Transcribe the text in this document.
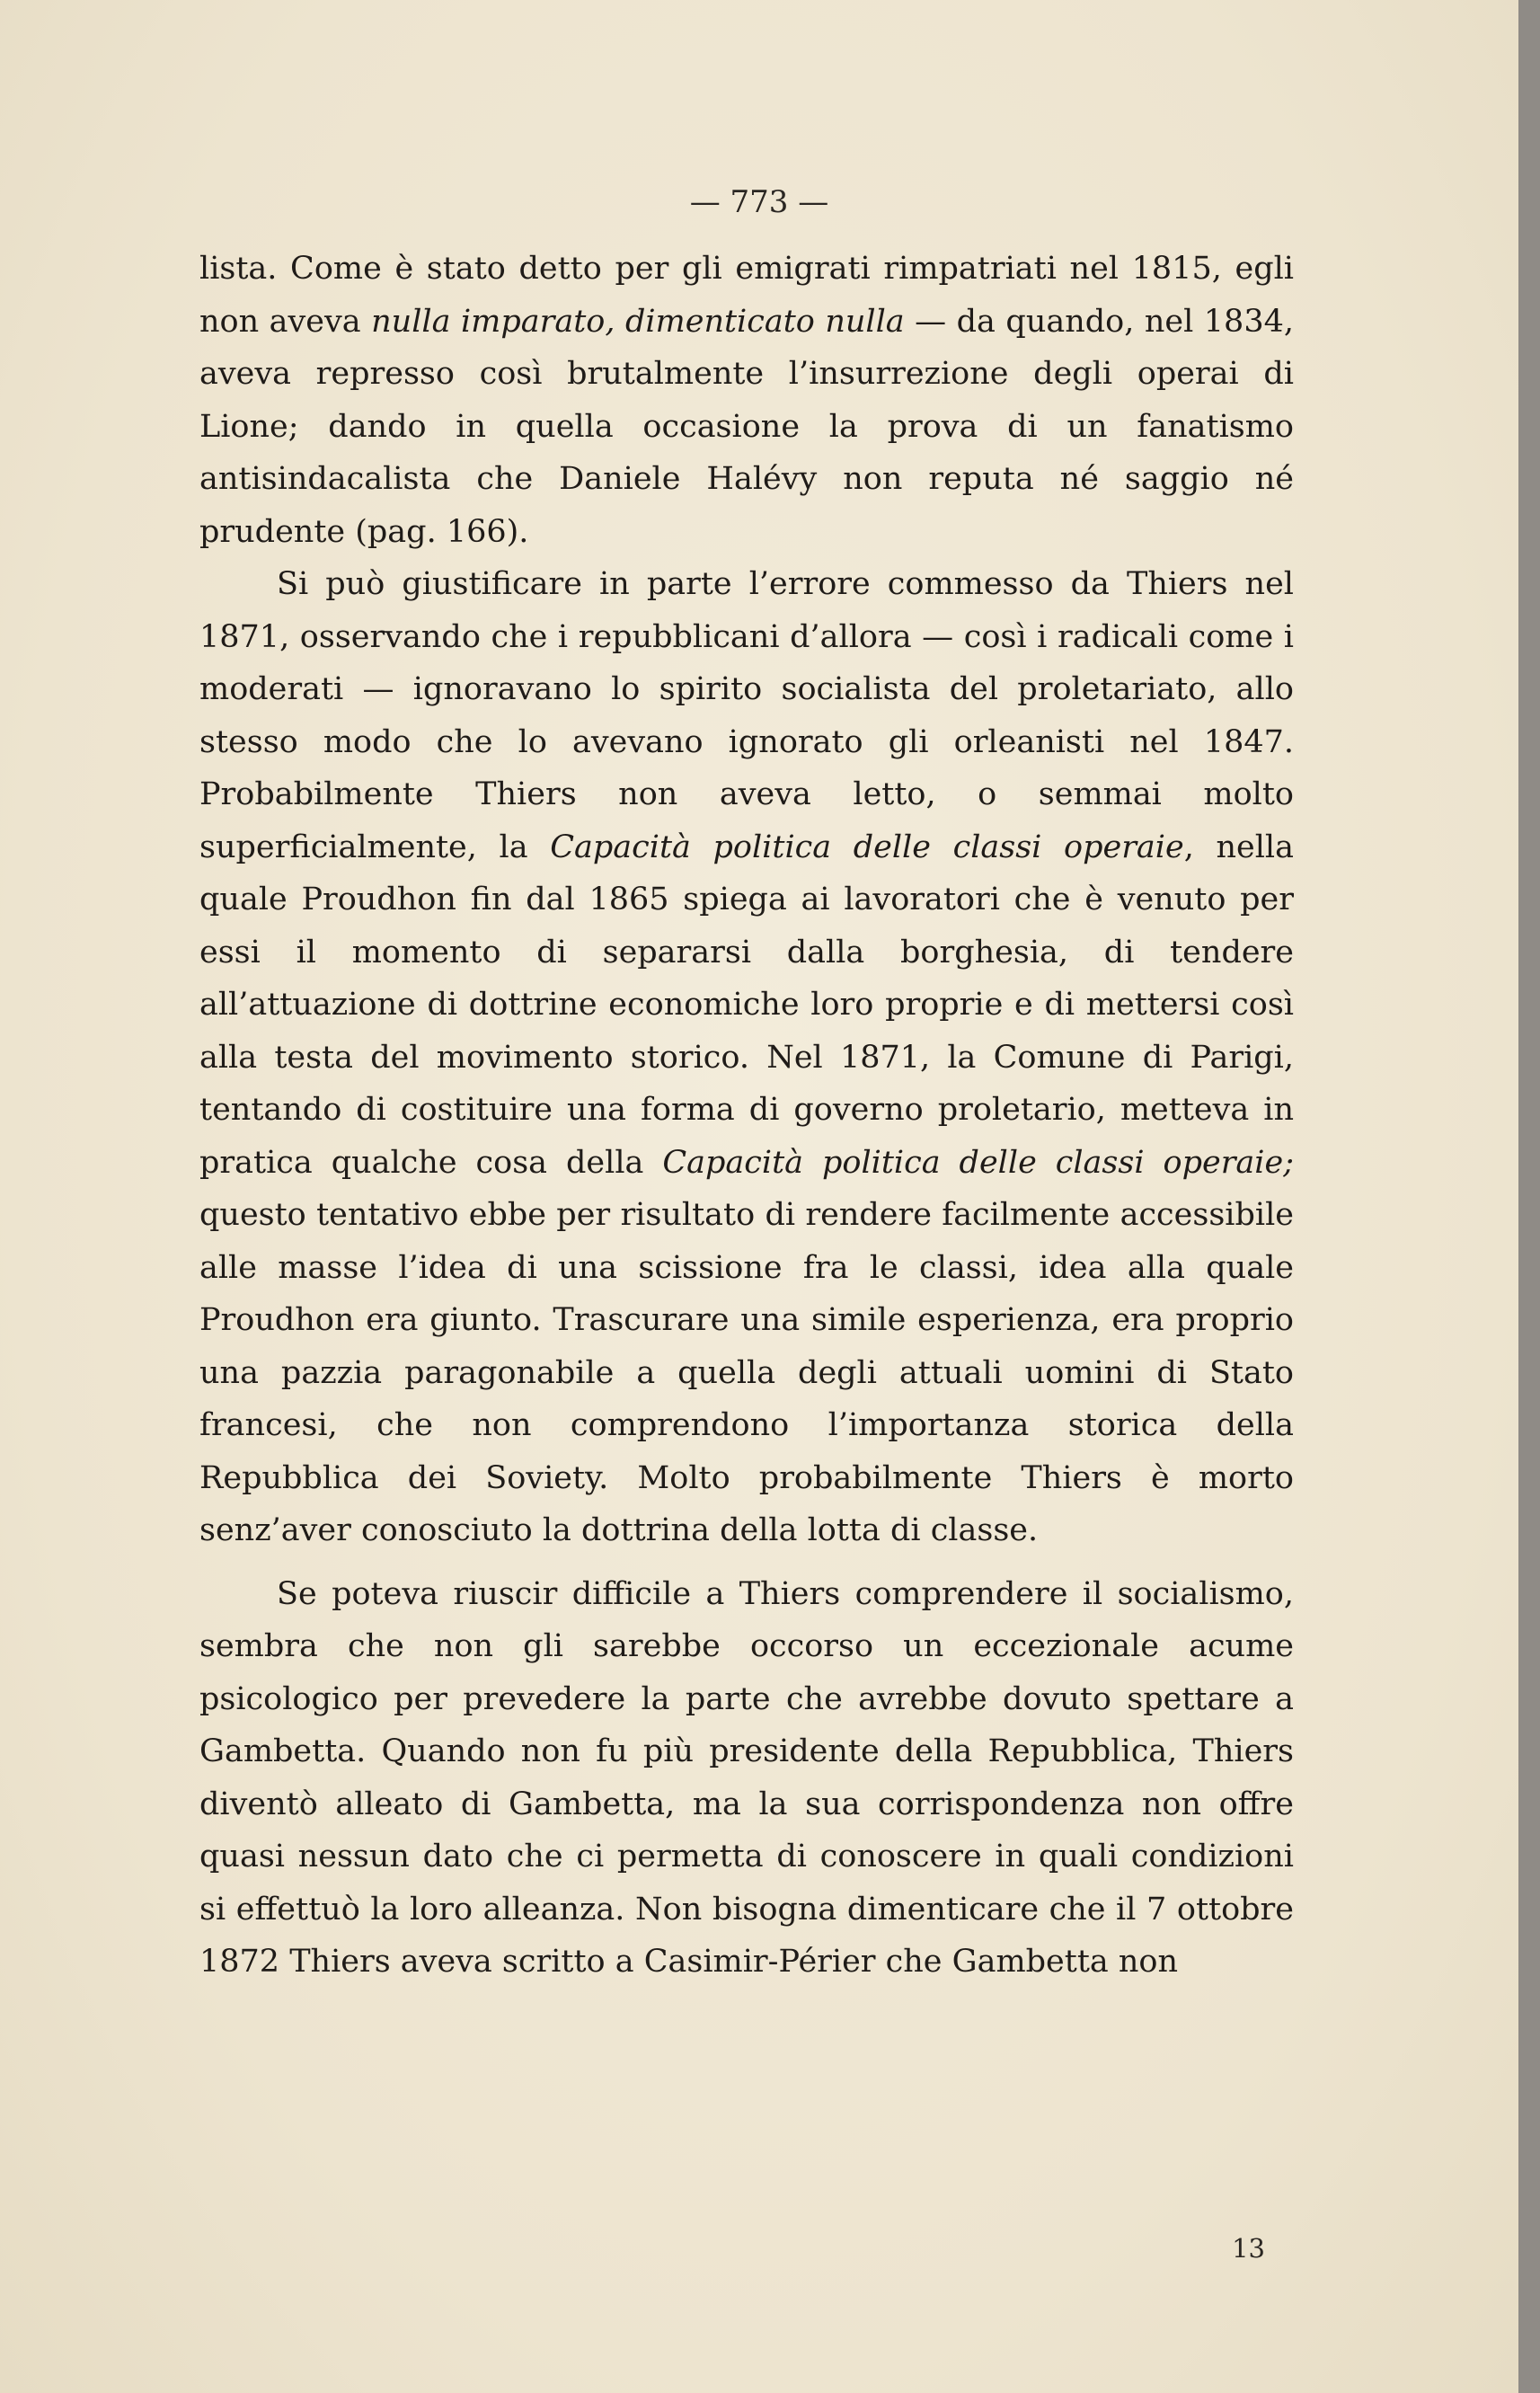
— 773 —

lista. Come è stato detto per gli emigrati rimpatriati nel 1815, egli non aveva nulla imparato, dimenticato nulla — da quando, nel 1834, aveva represso così brutalmente l’insurrezione degli operai di Lione; dando in quella occasione la prova di un fanatismo antisindacalista che Daniele Halévy non reputa né saggio né prudente (pag. 166).

Si può giustificare in parte l’errore commesso da Thiers nel 1871, osservando che i repubblicani d’allora — così i radicali come i moderati — ignoravano lo spirito socialista del proletariato, allo stesso modo che lo avevano ignorato gli orleanisti nel 1847. Probabilmente Thiers non aveva letto, o semmai molto superficialmente, la Capacità politica delle classi operaie, nella quale Proudhon fin dal 1865 spiega ai lavoratori che è venuto per essi il momento di separarsi dalla borghesia, di tendere all’attuazione di dottrine economiche loro proprie e di mettersi così alla testa del movimento storico. Nel 1871, la Comune di Parigi, tentando di costituire una forma di governo proletario, metteva in pratica qualche cosa della Capacità politica delle classi operaie; questo tentativo ebbe per risultato di rendere facilmente accessibile alle masse l’idea di una scissione fra le classi, idea alla quale Proudhon era giunto. Trascurare una simile esperienza, era proprio una pazzia paragonabile a quella degli attuali uomini di Stato francesi, che non comprendono l’importanza storica della Repubblica dei Soviety. Molto probabilmente Thiers è morto senz’aver conosciuto la dottrina della lotta di classe.

Se poteva riuscir difficile a Thiers comprendere il socialismo, sembra che non gli sarebbe occorso un eccezionale acume psicologico per prevedere la parte che avrebbe dovuto spettare a Gambetta. Quando non fu più presidente della Repubblica, Thiers diventò alleato di Gambetta, ma la sua corrispondenza non offre quasi nessun dato che ci permetta di conoscere in quali condizioni si effettuò la loro alleanza. Non bisogna dimenticare che il 7 ottobre 1872 Thiers aveva scritto a Casimir-Périer che Gambetta non

13
